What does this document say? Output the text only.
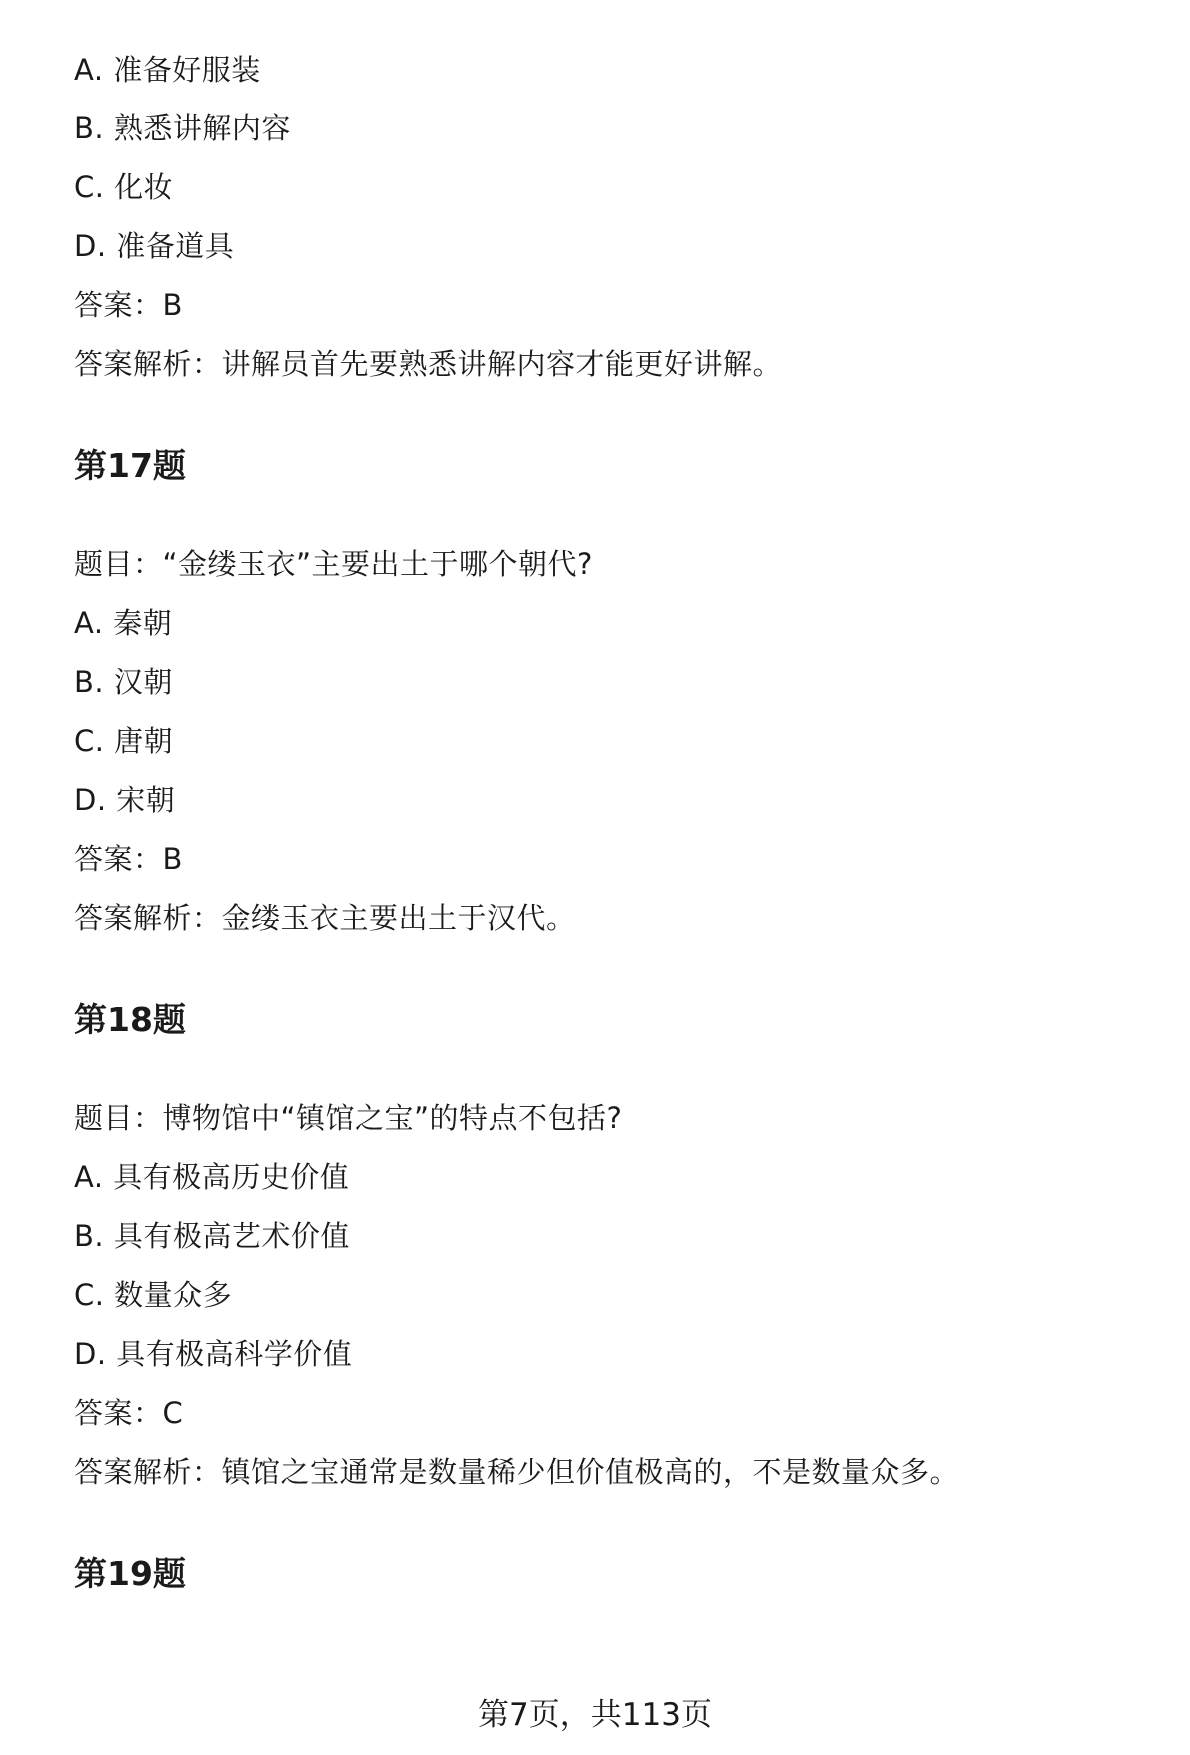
A. 准备好服装
B. 熟悉讲解内容
C. 化妆
D. 准备道具
答案：B
答案解析：讲解员首先要熟悉讲解内容才能更好讲解。
第17题
题目：“金缕玉衣”主要出土于哪个朝代?
A. 秦朝
B. 汉朝
C. 唐朝
D. 宋朝
答案：B
答案解析：金缕玉衣主要出土于汉代。
第18题
题目：博物馆中“镇馆之宝”的特点不包括?
A. 具有极高历史价值
B. 具有极高艺术价值
C. 数量众多
D. 具有极高科学价值
答案：C
答案解析：镇馆之宝通常是数量稀少但价值极高的，不是数量众多。
第19题
第7页，共113页
